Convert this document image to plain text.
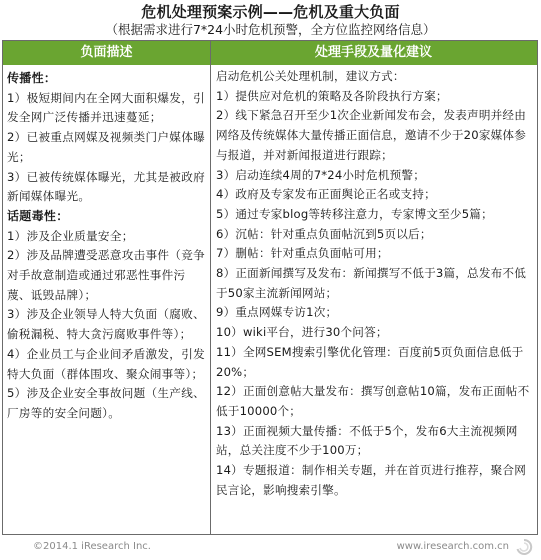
危机处理预案示例——危机及重大负面
（根据需求进行7*24小时危机预警，全方位监控网络信息）
负面描述	处理手段及量化建议
传播性：
1）极短期间内在全网大面积爆发，引发全网广泛传播并迅速蔓延；
2）已被重点网媒及视频类门户媒体曝光；
3）已被传统媒体曝光，尤其是被政府新闻媒体曝光。
话题毒性：
1）涉及企业质量安全；
2）涉及品牌遭受恶意攻击事件（竞争对手故意制造或通过邪恶性事件污蔑、诋毁品牌）；
3）涉及企业领导人特大负面（腐败、偷税漏税、特大贪污腐败事件等）；
4）企业员工与企业间矛盾激发，引发特大负面（群体围攻、聚众闹事等）；
5）涉及企业安全事故问题（生产线、厂房等的安全问题）。
启动危机公关处理机制，建议方式：
1）提供应对危机的策略及各阶段执行方案；
2）线下紧急召开至少1次企业新闻发布会，发表声明并经由网络及传统媒体大量传播正面信息，邀请不少于20家媒体参与报道，并对新闻报道进行跟踪；
3）启动连续4周的7*24小时危机预警；
4）政府及专家发布正面舆论正名或支持；
5）通过专家blog等转移注意力，专家博文至少5篇；
6）沉帖：针对重点负面帖沉到5页以后；
7）删帖：针对重点负面帖可用；
8）正面新闻撰写及发布：新闻撰写不低于3篇，总发布不低于50家主流新闻网站；
9）重点网媒专访1次；
10）wiki平台，进行30个问答；
11）全网SEM搜索引擎优化管理：百度前5页负面信息低于20%；
12）正面创意帖大量发布：撰写创意帖10篇，发布正面帖不低于10000个；
13）正面视频大量传播：不低于5个，发布6大主流视频网站，总关注度不少于100万；
14）专题报道：制作相关专题，并在首页进行推荐，聚合网民言论，影响搜索引擎。
©2014.1 iResearch Inc.	www.iresearch.com.cn
